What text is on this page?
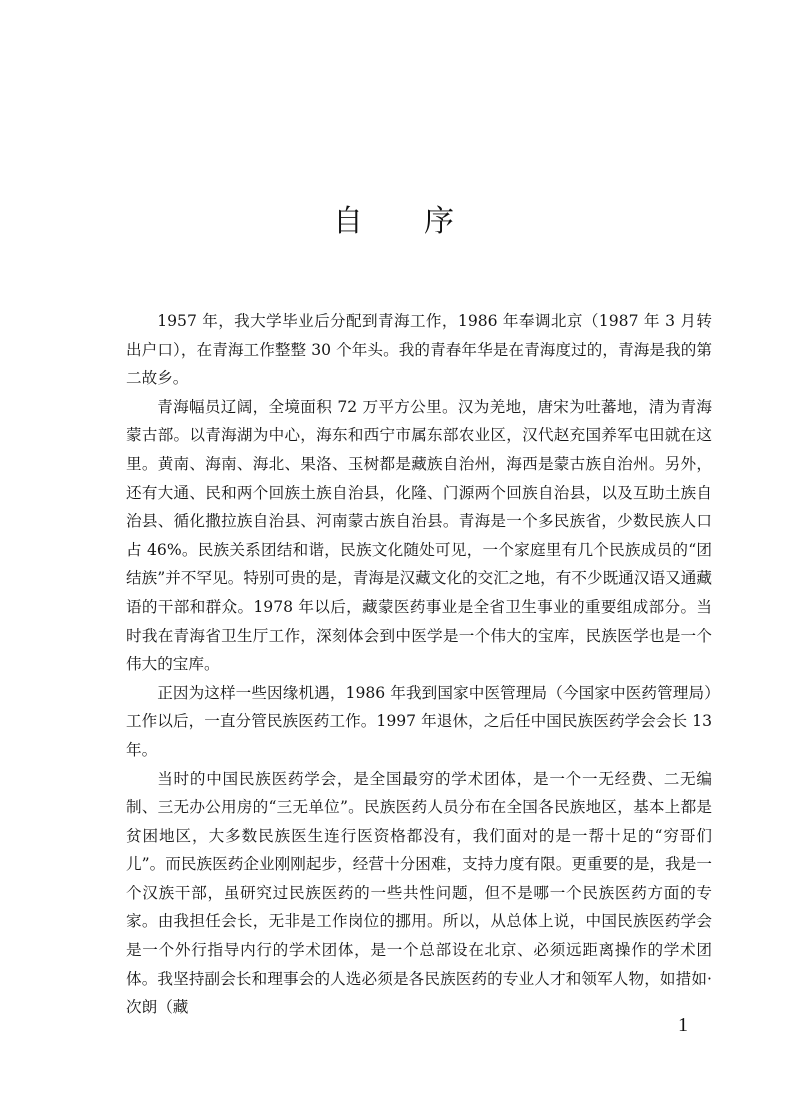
自 序

1957 年，我大学毕业后分配到青海工作，1986 年奉调北京（1987 年 3 月转出户口），在青海工作整整 30 个年头。我的青春年华是在青海度过的，青海是我的第二故乡。

青海幅员辽阔，全境面积 72 万平方公里。汉为羌地，唐宋为吐蕃地，清为青海蒙古部。以青海湖为中心，海东和西宁市属东部农业区，汉代赵充国养军屯田就在这里。黄南、海南、海北、果洛、玉树都是藏族自治州，海西是蒙古族自治州。另外，还有大通、民和两个回族土族自治县，化隆、门源两个回族自治县，以及互助土族自治县、循化撒拉族自治县、河南蒙古族自治县。青海是一个多民族省，少数民族人口占 46%。民族关系团结和谐，民族文化随处可见，一个家庭里有几个民族成员的“团结族”并不罕见。特别可贵的是，青海是汉藏文化的交汇之地，有不少既通汉语又通藏语的干部和群众。1978 年以后，藏蒙医药事业是全省卫生事业的重要组成部分。当时我在青海省卫生厅工作，深刻体会到中医学是一个伟大的宝库，民族医学也是一个伟大的宝库。

正因为这样一些因缘机遇，1986 年我到国家中医管理局（今国家中医药管理局）工作以后，一直分管民族医药工作。1997 年退休，之后任中国民族医药学会会长 13 年。

当时的中国民族医药学会，是全国最穷的学术团体，是一个一无经费、二无编制、三无办公用房的“三无单位”。民族医药人员分布在全国各民族地区，基本上都是贫困地区，大多数民族医生连行医资格都没有，我们面对的是一帮十足的“穷哥们儿”。而民族医药企业刚刚起步，经营十分困难，支持力度有限。更重要的是，我是一个汉族干部，虽研究过民族医药的一些共性问题，但不是哪一个民族医药方面的专家。由我担任会长，无非是工作岗位的挪用。所以，从总体上说，中国民族医药学会是一个外行指导内行的学术团体，是一个总部设在北京、必须远距离操作的学术团体。我坚持副会长和理事会的人选必须是各民族医药的专业人才和领军人物，如措如·次朗（藏

1
